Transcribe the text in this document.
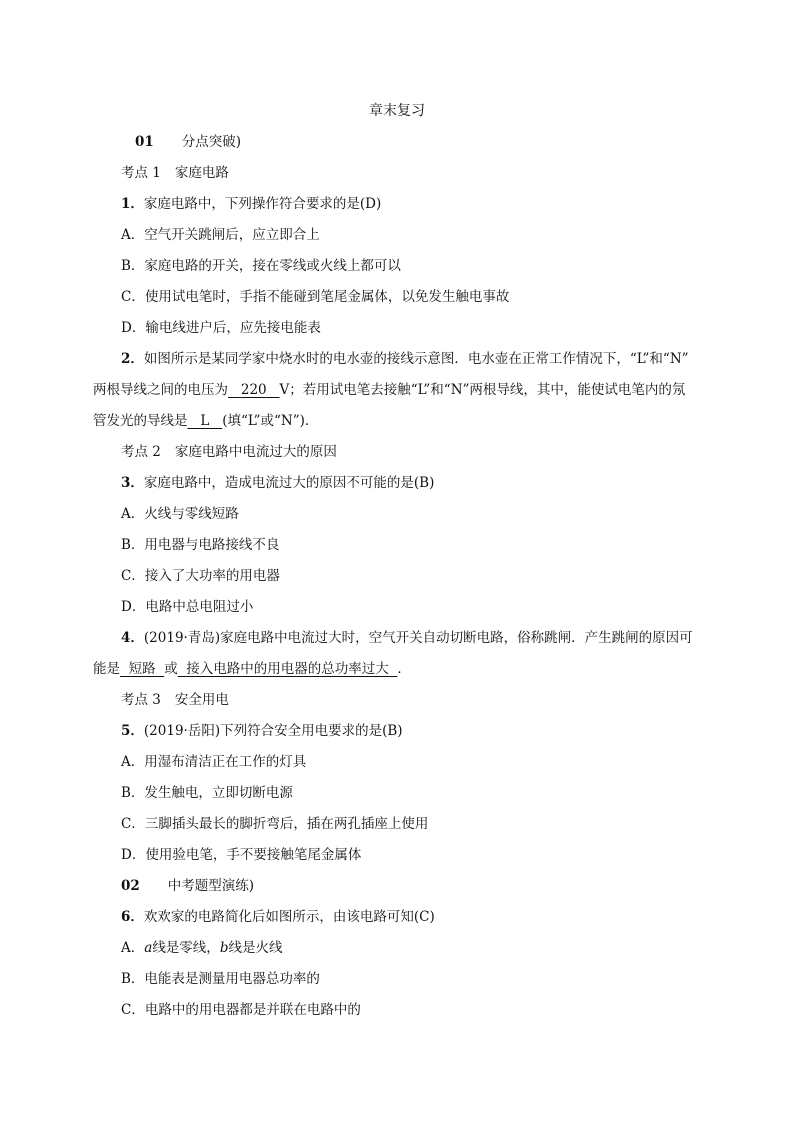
章末复习

01 分点突破)

考点 1 家庭电路

1．家庭电路中，下列操作符合要求的是(D)

A．空气开关跳闸后，应立即合上

B．家庭电路的开关，接在零线或火线上都可以

C．使用试电笔时，手指不能碰到笔尾金属体，以免发生触电事故

D．输电线进户后，应先接电能表

2．如图所示是某同学家中烧水时的电水壶的接线示意图．电水壶在正常工作情况下，“L”和“N”

两根导线之间的电压为 220 V；若用试电笔去接触“L”和“N”两根导线，其中，能使试电笔内的氖

管发光的导线是 L (填“L”或“N”)．

考点 2 家庭电路中电流过大的原因

3．家庭电路中，造成电流过大的原因不可能的是(B)

A．火线与零线短路

B．用电器与电路接线不良

C．接入了大功率的用电器

D．电路中总电阻过小

4．(2019·青岛)家庭电路中电流过大时，空气开关自动切断电路，俗称跳闸．产生跳闸的原因可

能是 短路 或 接入电路中的用电器的总功率过大 ．

考点 3 安全用电

5．(2019·岳阳)下列符合安全用电要求的是(B)

A．用湿布清洁正在工作的灯具

B．发生触电，立即切断电源

C．三脚插头最长的脚折弯后，插在两孔插座上使用

D．使用验电笔，手不要接触笔尾金属体

02 中考题型演练)

6．欢欢家的电路简化后如图所示，由该电路可知(C)

A．a线是零线，b线是火线

B．电能表是测量用电器总功率的

C．电路中的用电器都是并联在电路中的
